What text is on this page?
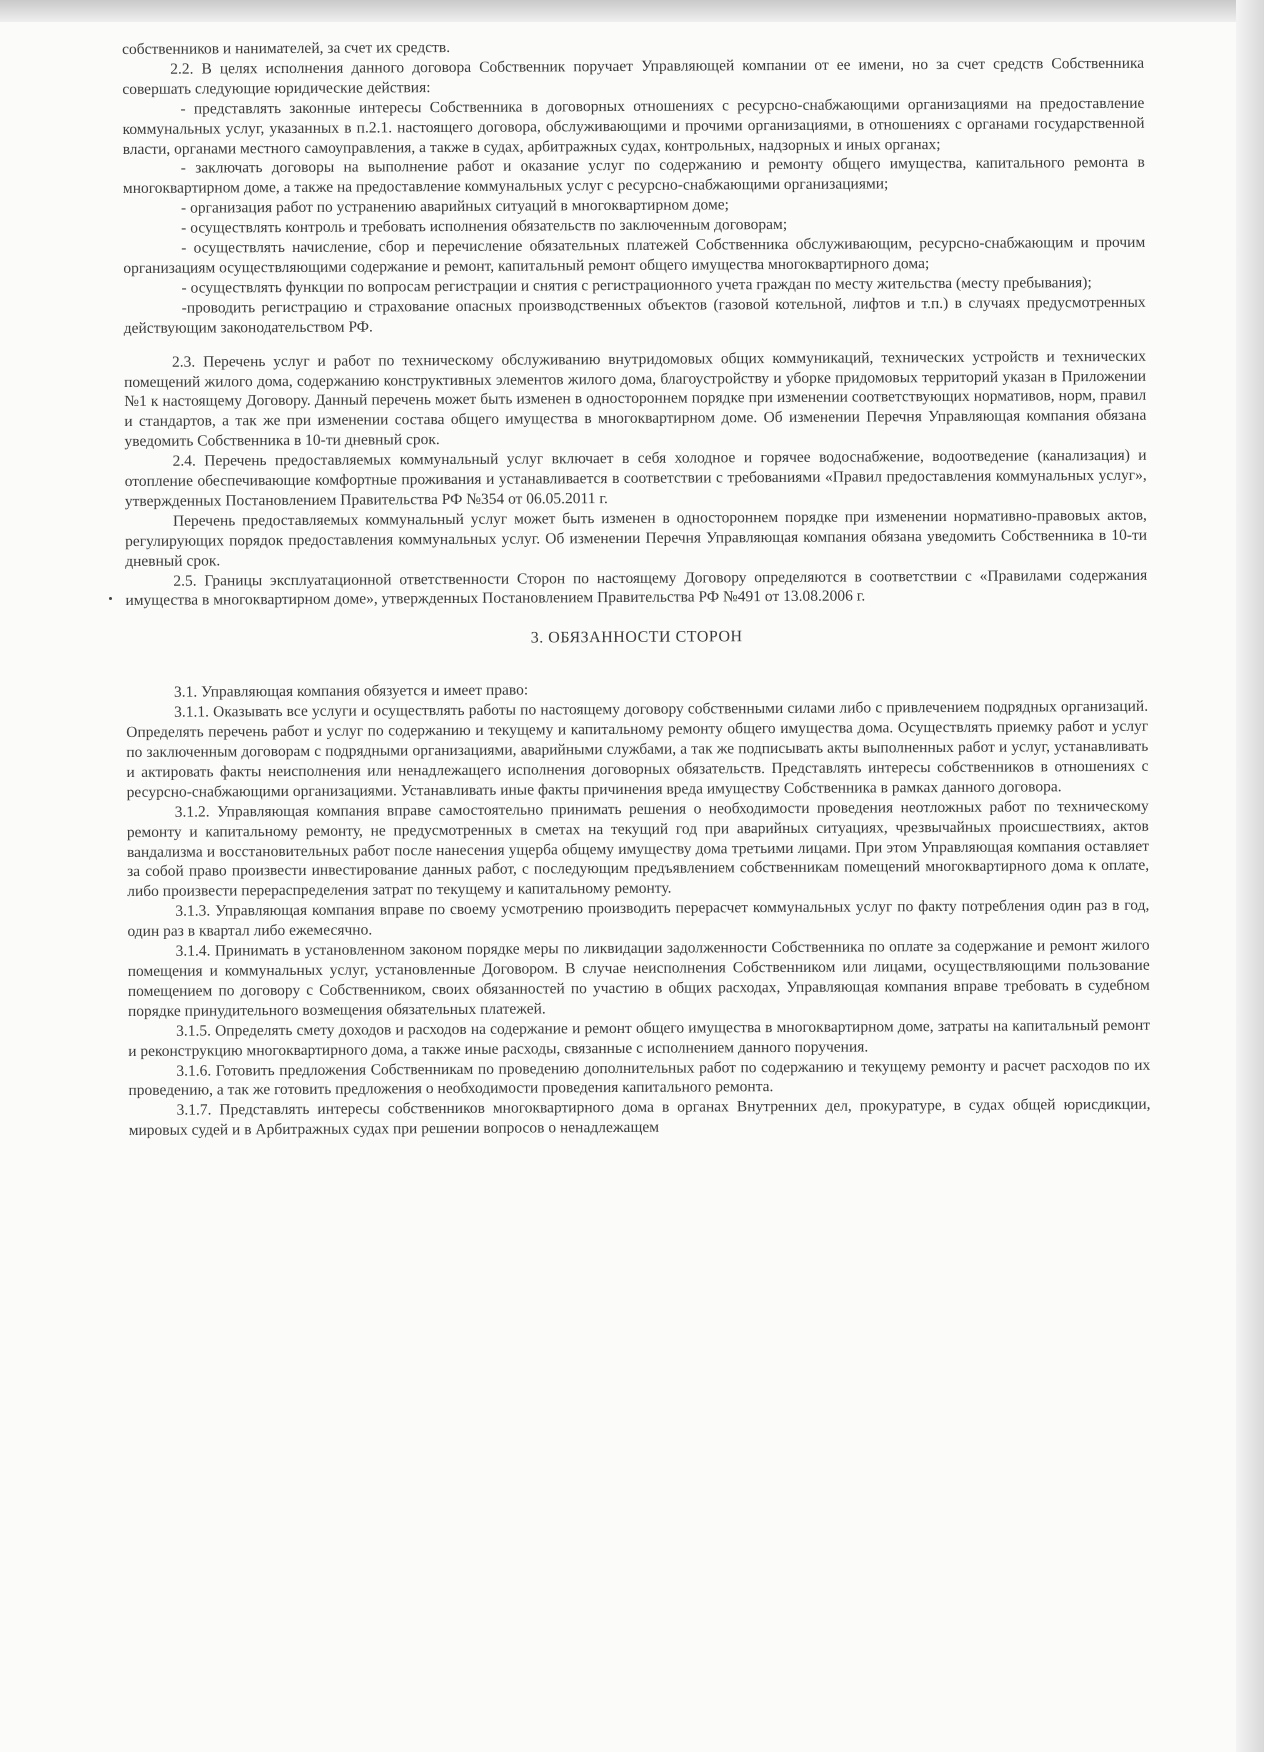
собственников и нанимателей, за счет их средств.

2.2. В целях исполнения данного договора Собственник поручает Управляющей компании от ее имени, но за счет средств Собственника совершать следующие юридические действия:

- представлять законные интересы Собственника в договорных отношениях с ресурсно-снабжающими организациями на предоставление коммунальных услуг, указанных в п.2.1. настоящего договора, обслуживающими и прочими организациями, в отношениях с органами государственной власти, органами местного самоуправления, а также в судах, арбитражных судах, контрольных, надзорных и иных органах;

- заключать договоры на выполнение работ и оказание услуг по содержанию и ремонту общего имущества, капитального ремонта в многоквартирном доме, а также на предоставление коммунальных услуг с ресурсно-снабжающими организациями;

- организация работ по устранению аварийных ситуаций в многоквартирном доме;

- осуществлять контроль и требовать исполнения обязательств по заключенным договорам;

- осуществлять начисление, сбор и перечисление обязательных платежей Собственника обслуживающим, ресурсно-снабжающим и прочим организациям осуществляющими содержание и ремонт, капитальный ремонт общего имущества многоквартирного дома;

- осуществлять функции по вопросам регистрации и снятия с регистрационного учета граждан по месту жительства (месту пребывания);

-проводить регистрацию и страхование опасных производственных объектов (газовой котельной, лифтов и т.п.) в случаях предусмотренных действующим законодательством РФ.

2.3. Перечень услуг и работ по техническому обслуживанию внутридомовых общих коммуникаций, технических устройств и технических помещений жилого дома, содержанию конструктивных элементов жилого дома, благоустройству и уборке придомовых территорий указан в Приложении №1 к настоящему Договору. Данный перечень может быть изменен в одностороннем порядке при изменении соответствующих нормативов, норм, правил и стандартов, а так же при изменении состава общего имущества в многоквартирном доме. Об изменении Перечня Управляющая компания обязана уведомить Собственника в 10-ти дневный срок.

2.4. Перечень предоставляемых коммунальный услуг включает в себя холодное и горячее водоснабжение, водоотведение (канализация) и отопление обеспечивающие комфортные проживания и устанавливается в соответствии с требованиями «Правил предоставления коммунальных услуг», утвержденных Постановлением Правительства РФ №354 от 06.05.2011 г.

Перечень предоставляемых коммунальный услуг может быть изменен в одностороннем порядке при изменении нормативно-правовых актов, регулирующих порядок предоставления коммунальных услуг. Об изменении Перечня Управляющая компания обязана уведомить Собственника в 10-ти дневный срок.

2.5. Границы эксплуатационной ответственности Сторон по настоящему Договору определяются в соответствии с «Правилами содержания имущества в многоквартирном доме», утвержденных Постановлением Правительства РФ №491 от 13.08.2006 г.

3. ОБЯЗАННОСТИ СТОРОН

3.1. Управляющая компания обязуется и имеет право:

3.1.1. Оказывать все услуги и осуществлять работы по настоящему договору собственными силами либо с привлечением подрядных организаций. Определять перечень работ и услуг по содержанию и текущему и капитальному ремонту общего имущества дома. Осуществлять приемку работ и услуг по заключенным договорам с подрядными организациями, аварийными службами, а так же подписывать акты выполненных работ и услуг, устанавливать и актировать факты неисполнения или ненадлежащего исполнения договорных обязательств. Представлять интересы собственников в отношениях с ресурсно-снабжающими организациями. Устанавливать иные факты причинения вреда имуществу Собственника в рамках данного договора.

3.1.2. Управляющая компания вправе самостоятельно принимать решения о необходимости проведения неотложных работ по техническому ремонту и капитальному ремонту, не предусмотренных в сметах на текущий год при аварийных ситуациях, чрезвычайных происшествиях, актов вандализма и восстановительных работ после нанесения ущерба общему имуществу дома третьими лицами. При этом Управляющая компания оставляет за собой право произвести инвестирование данных работ, с последующим предъявлением собственникам помещений многоквартирного дома к оплате, либо произвести перераспределения затрат по текущему и капитальному ремонту.

3.1.3. Управляющая компания вправе по своему усмотрению производить перерасчет коммунальных услуг по факту потребления один раз в год, один раз в квартал либо ежемесячно.

3.1.4. Принимать в установленном законом порядке меры по ликвидации задолженности Собственника по оплате за содержание и ремонт жилого помещения и коммунальных услуг, установленные Договором. В случае неисполнения Собственником или лицами, осуществляющими пользование помещением по договору с Собственником, своих обязанностей по участию в общих расходах, Управляющая компания вправе требовать в судебном порядке принудительного возмещения обязательных платежей.

3.1.5. Определять смету доходов и расходов на содержание и ремонт общего имущества в многоквартирном доме, затраты на капитальный ремонт и реконструкцию многоквартирного дома, а также иные расходы, связанные с исполнением данного поручения.

3.1.6. Готовить предложения Собственникам по проведению дополнительных работ по содержанию и текущему ремонту и расчет расходов по их проведению, а так же готовить предложения о необходимости проведения капитального ремонта.

3.1.7. Представлять интересы собственников многоквартирного дома в органах Внутренних дел, прокуратуре, в судах общей юрисдикции, мировых судей и в Арбитражных судах при решении вопросов о ненадлежащем
